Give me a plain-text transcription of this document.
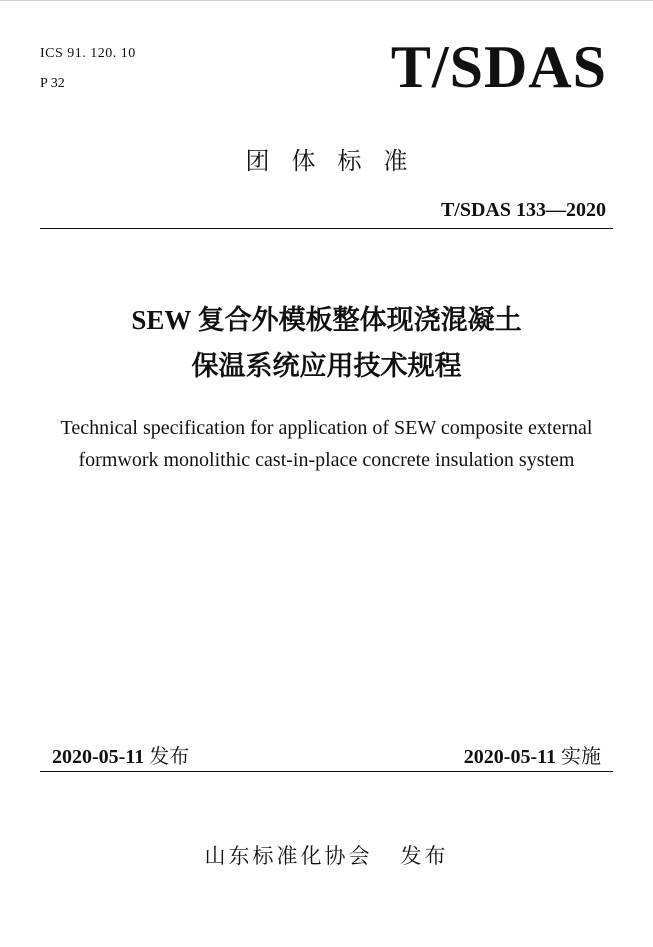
ICS 91. 120. 10
P 32	T/SDAS
团体标准
T/SDAS 133—2020
SEW 复合外模板整体现浇混凝土
保温系统应用技术规程
Technical specification for application of SEW composite external
formwork monolithic cast-in-place concrete insulation system
2020-05-11 发布	2020-05-11 实施
山东标准化协会 发布
